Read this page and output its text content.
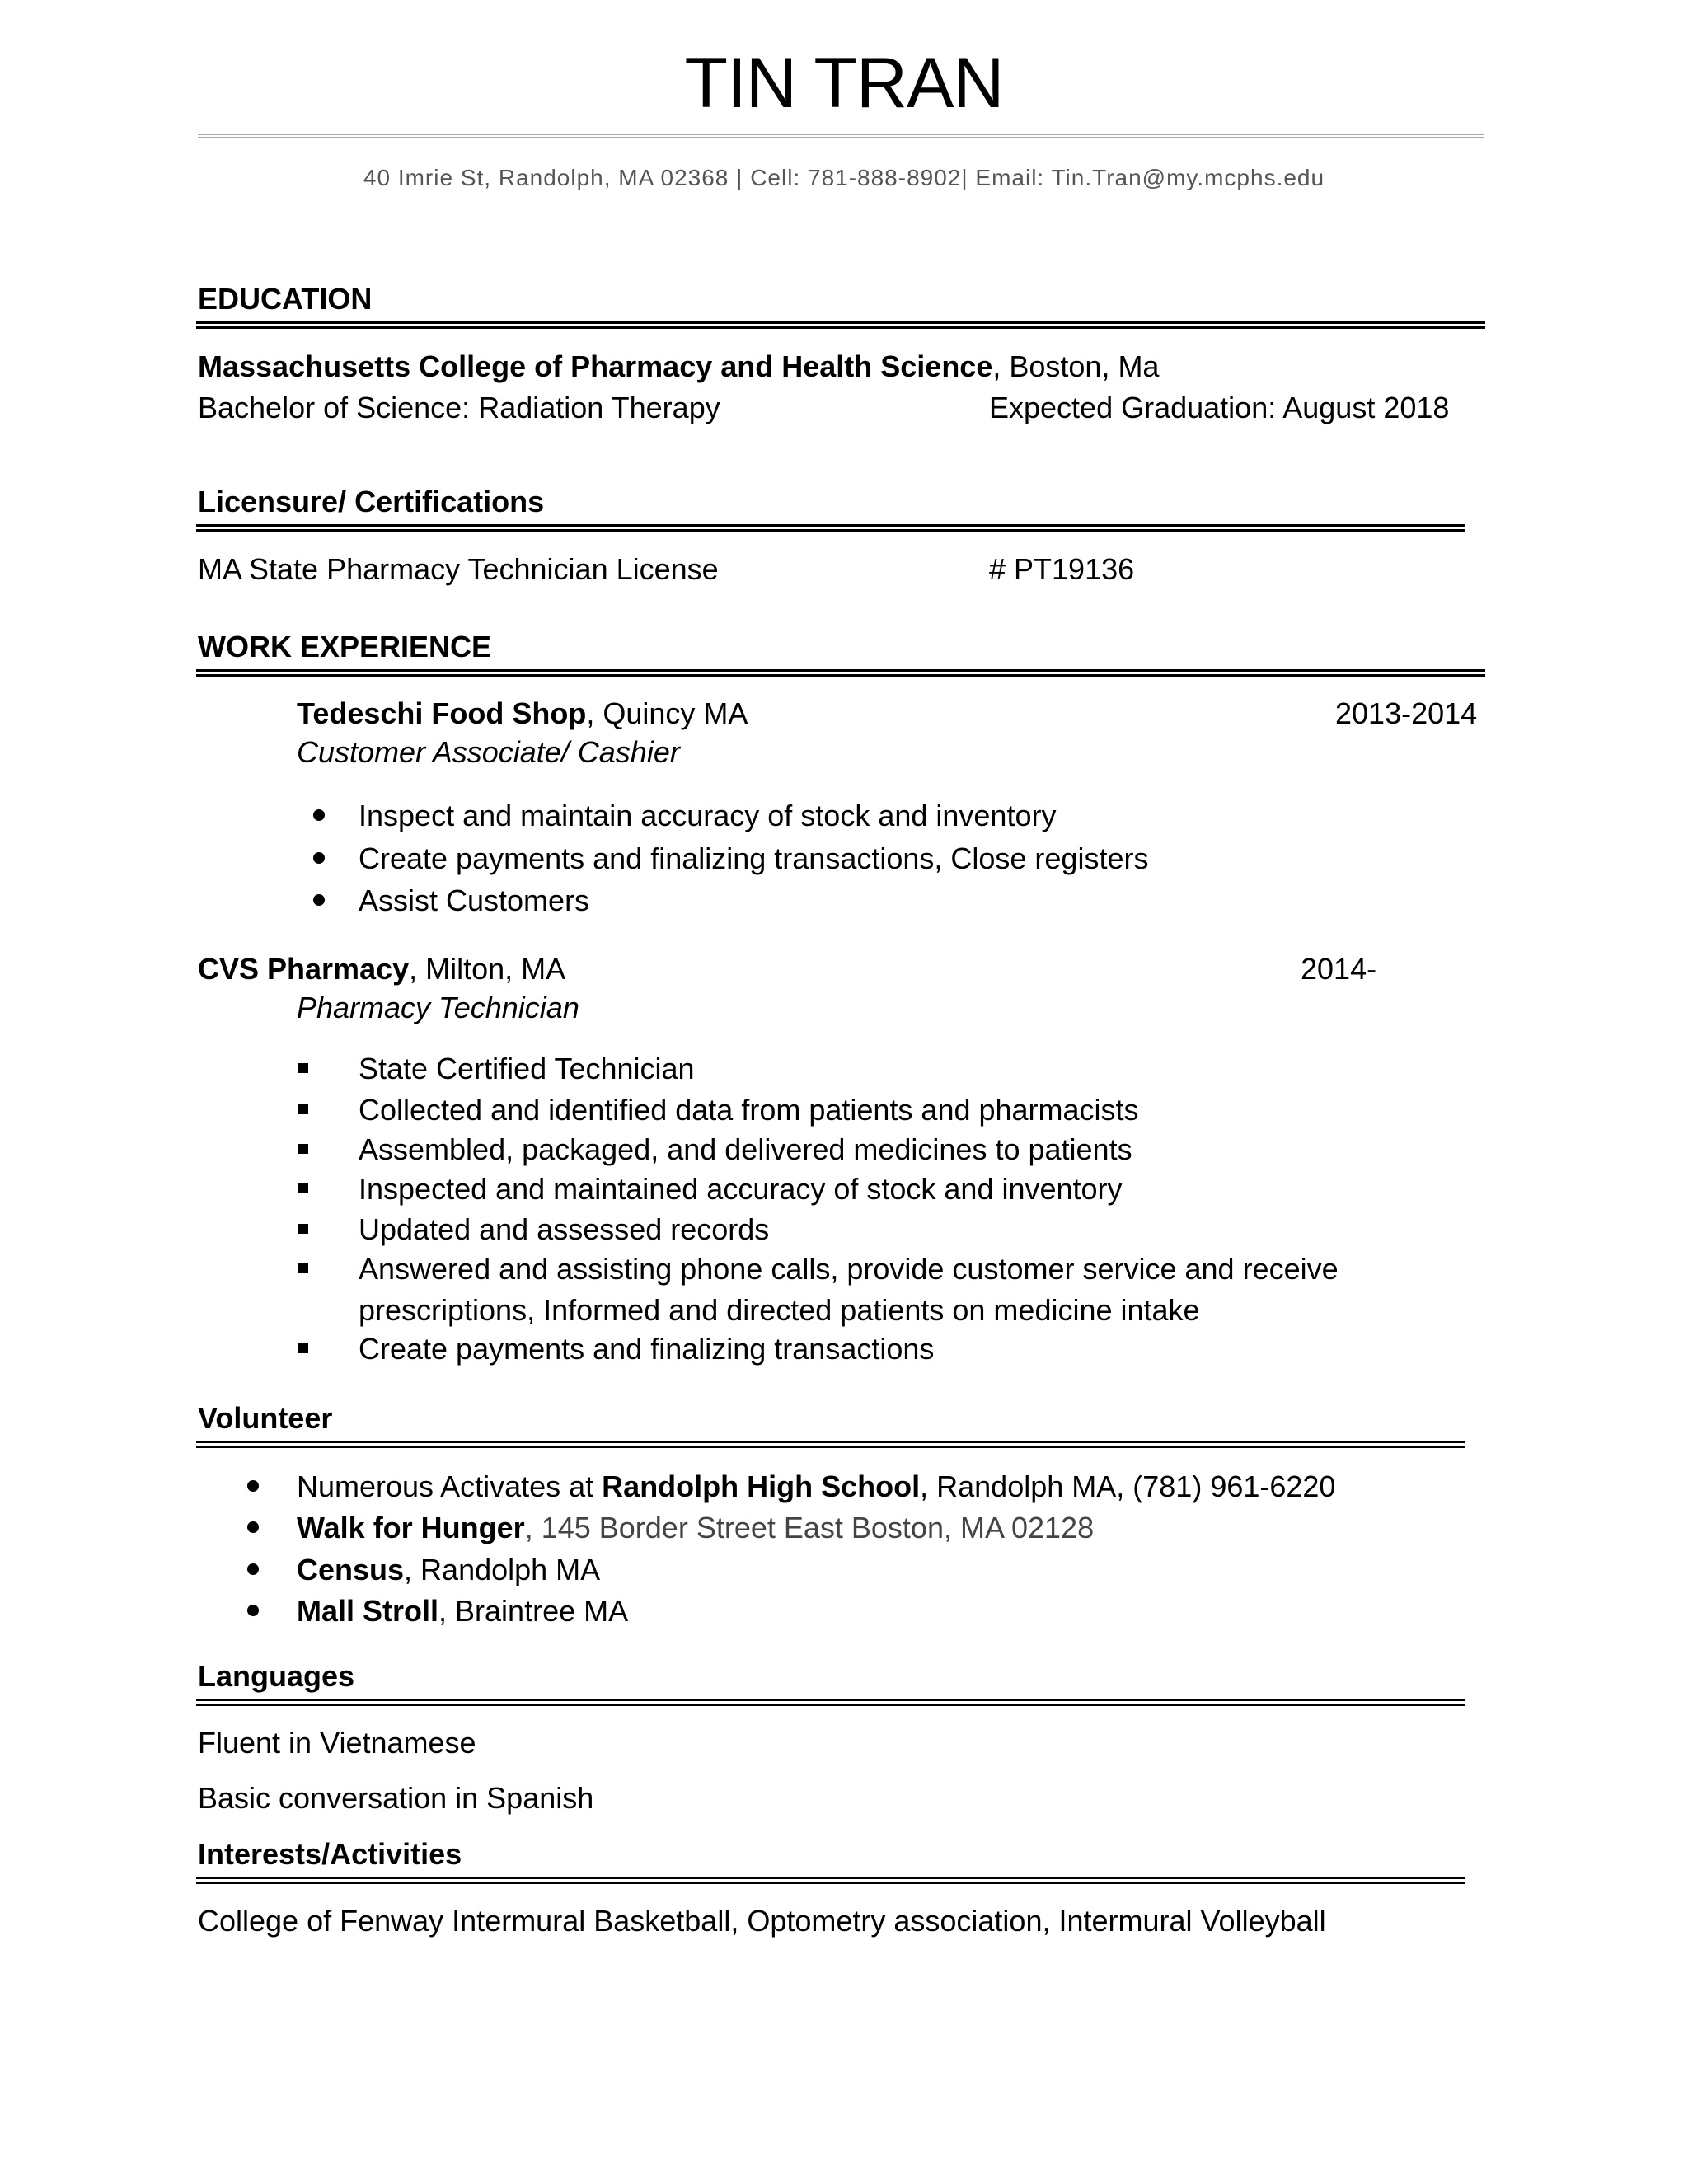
TIN TRAN
40 Imrie St, Randolph, MA 02368 | Cell: 781-888-8902| Email: Tin.Tran@my.mcphs.edu
EDUCATION
Massachusetts College of Pharmacy and Health Science, Boston, Ma
Bachelor of Science: Radiation Therapy	Expected Graduation: August 2018
Licensure/ Certifications
MA State Pharmacy Technician License	# PT19136
WORK EXPERIENCE
Tedeschi Food Shop, Quincy MA	2013-2014
Customer Associate/ Cashier
Inspect and maintain accuracy of stock and inventory
Create payments and finalizing transactions, Close registers
Assist Customers
CVS Pharmacy, Milton, MA	2014-
Pharmacy Technician
State Certified Technician
Collected and identified data from patients and pharmacists
Assembled, packaged, and delivered medicines to patients
Inspected and maintained accuracy of stock and inventory
Updated and assessed records
Answered and assisting phone calls, provide customer service and receive
prescriptions, Informed and directed patients on medicine intake
Create payments and finalizing transactions
Volunteer
Numerous Activates at Randolph High School, Randolph MA, (781) 961-6220
Walk for Hunger, 145 Border Street East Boston, MA 02128
Census, Randolph MA
Mall Stroll, Braintree MA
Languages
Fluent in Vietnamese
Basic conversation in Spanish
Interests/Activities
College of Fenway Intermural Basketball, Optometry association, Intermural Volleyball
